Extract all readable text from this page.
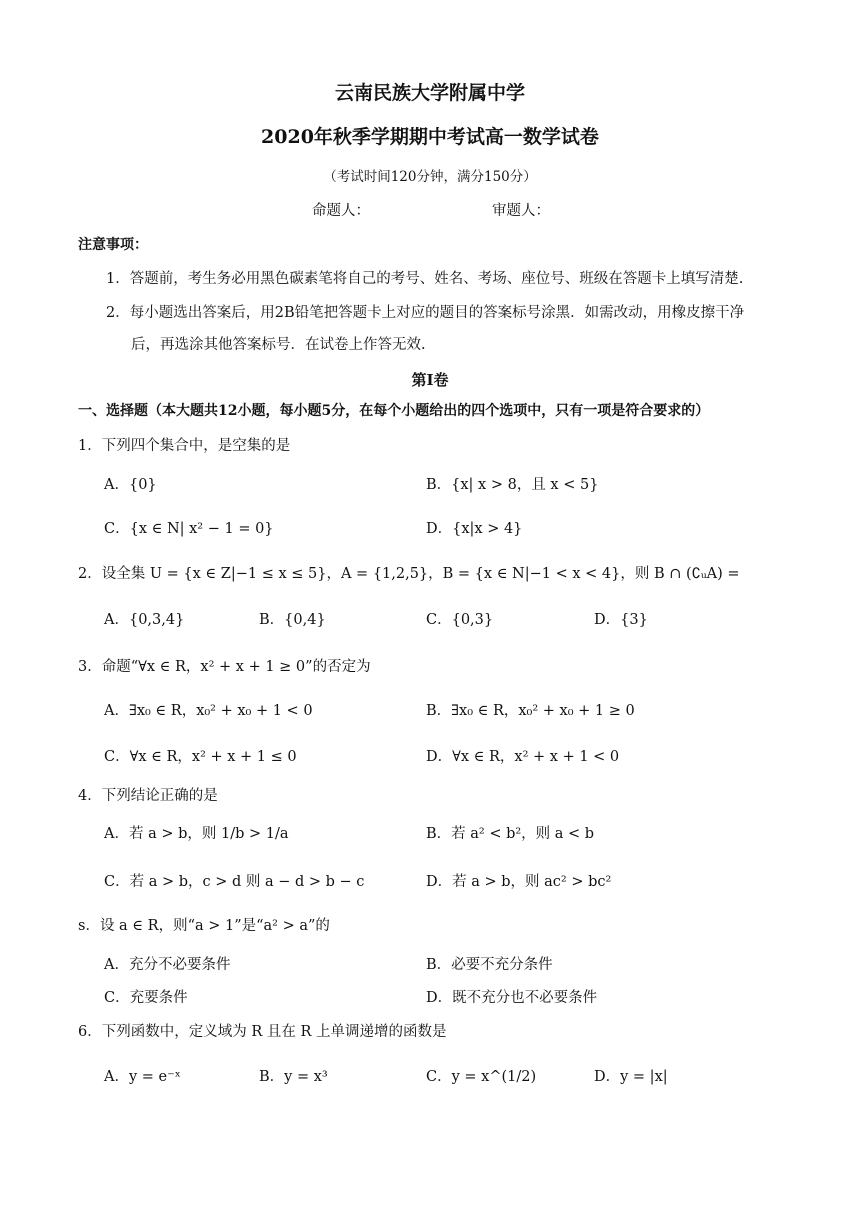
云南民族大学附属中学
2020年秋季学期期中考试高一数学试卷
（考试时间120分钟，满分150分）
命题人：	审题人：
注意事项：
1．答题前，考生务必用黑色碳素笔将自己的考号、姓名、考场、座位号、班级在答题卡上填写清楚.
2．每小题选出答案后，用2B铅笔把答题卡上对应的题目的答案标号涂黑．如需改动，用橡皮擦干净
后，再选涂其他答案标号．在试卷上作答无效.
第Ⅰ卷
一、选择题（本大题共12小题，每小题5分，在每个小题给出的四个选项中，只有一项是符合要求的）
1．下列四个集合中，是空集的是
A．{0}	B．{x| x > 8，且 x < 5}
C．{x ∈ N| x² − 1 = 0}	D．{x|x > 4}
2．设全集 U = {x ∈ Z|−1 ≤ x ≤ 5}，A = {1,2,5}，B = {x ∈ N|−1 < x < 4}，则 B ∩ (∁ᵤA) =
A．{0,3,4}	B．{0,4}	C．{0,3}	D．{3}
3．命题“∀x ∈ R，x² + x + 1 ≥ 0”的否定为
A．∃x₀ ∈ R，x₀² + x₀ + 1 < 0	B．∃x₀ ∈ R，x₀² + x₀ + 1 ≥ 0
C．∀x ∈ R，x² + x + 1 ≤ 0	D．∀x ∈ R，x² + x + 1 < 0
4．下列结论正确的是
A．若 a > b，则 1/b > 1/a	B．若 a² < b²，则 a < b
C．若 a > b，c > d 则 a − d > b − c	D．若 a > b，则 ac² > bc²
s．设 a ∈ R，则“a > 1”是“a² > a”的
A．充分不必要条件	B．必要不充分条件
C．充要条件	D．既不充分也不必要条件
6．下列函数中，定义域为 R 且在 R 上单调递增的函数是
A．y = e⁻ˣ	B．y = x³	C．y = x^(1/2)	D．y = |x|
